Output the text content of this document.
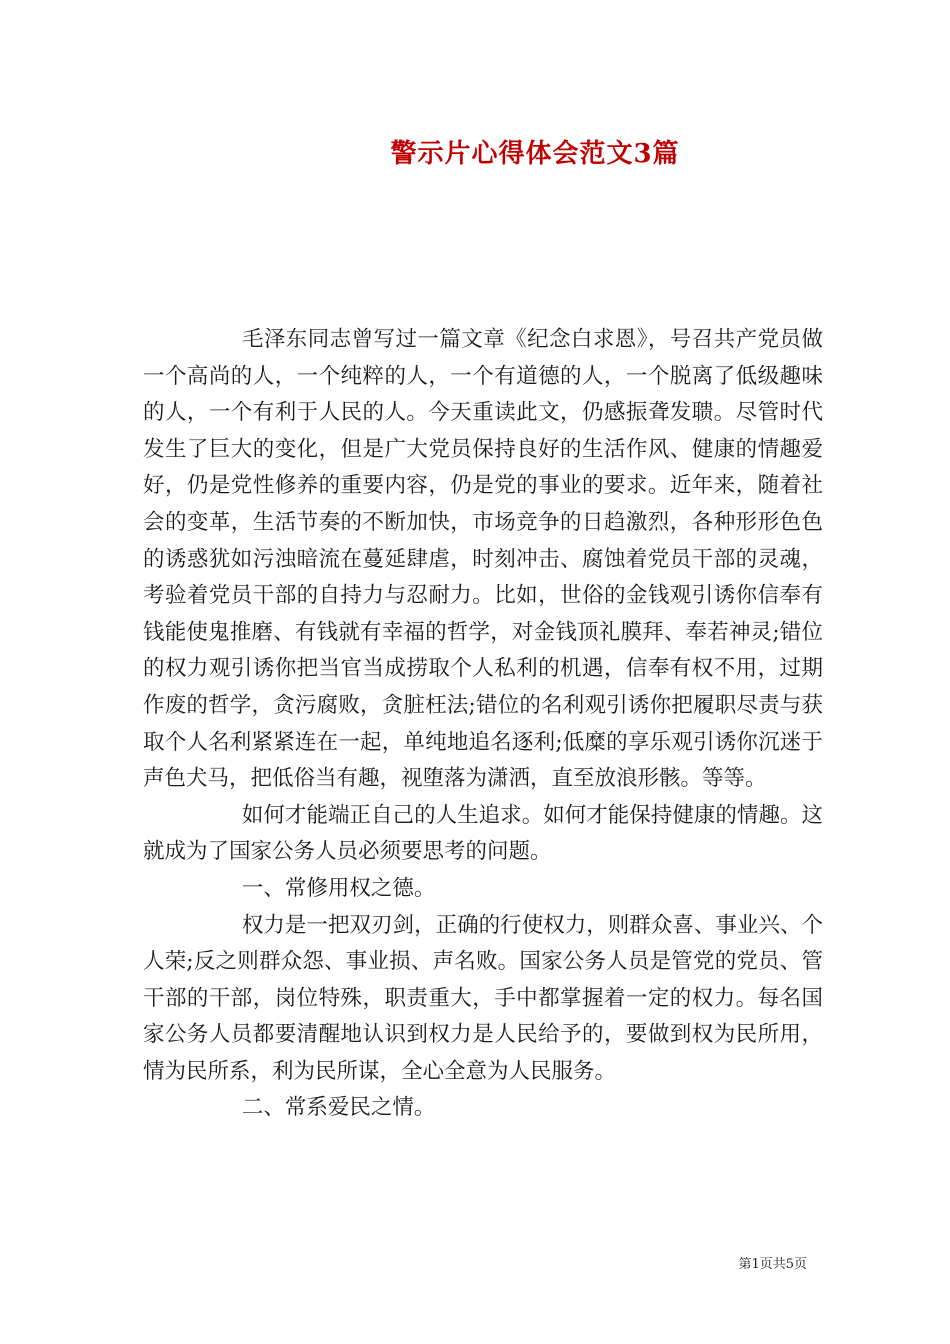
警示片心得体会范文3篇

毛泽东同志曾写过一篇文章《纪念白求恩》，号召共产党员做一个高尚的人，一个纯粹的人，一个有道德的人，一个脱离了低级趣味的人，一个有利于人民的人。今天重读此文，仍感振聋发聩。尽管时代发生了巨大的变化，但是广大党员保持良好的生活作风、健康的情趣爱好，仍是党性修养的重要内容，仍是党的事业的要求。近年来，随着社会的变革，生活节奏的不断加快，市场竞争的日趋激烈，各种形形色色的诱惑犹如污浊暗流在蔓延肆虐，时刻冲击、腐蚀着党员干部的灵魂，考验着党员干部的自持力与忍耐力。比如，世俗的金钱观引诱你信奉有钱能使鬼推磨、有钱就有幸福的哲学，对金钱顶礼膜拜、奉若神灵;错位的权力观引诱你把当官当成捞取个人私利的机遇，信奉有权不用，过期作废的哲学，贪污腐败，贪脏枉法;错位的名利观引诱你把履职尽责与获取个人名利紧紧连在一起，单纯地追名逐利;低糜的享乐观引诱你沉迷于声色犬马，把低俗当有趣，视堕落为潇洒，直至放浪形骸。等等。

如何才能端正自己的人生追求。如何才能保持健康的情趣。这就成为了国家公务人员必须要思考的问题。

一、常修用权之德。

权力是一把双刃剑，正确的行使权力，则群众喜、事业兴、个人荣;反之则群众怨、事业损、声名败。国家公务人员是管党的党员、管干部的干部，岗位特殊，职责重大，手中都掌握着一定的权力。每名国家公务人员都要清醒地认识到权力是人民给予的，要做到权为民所用，情为民所系，利为民所谋，全心全意为人民服务。

二、常系爱民之情。

第1页共5页
